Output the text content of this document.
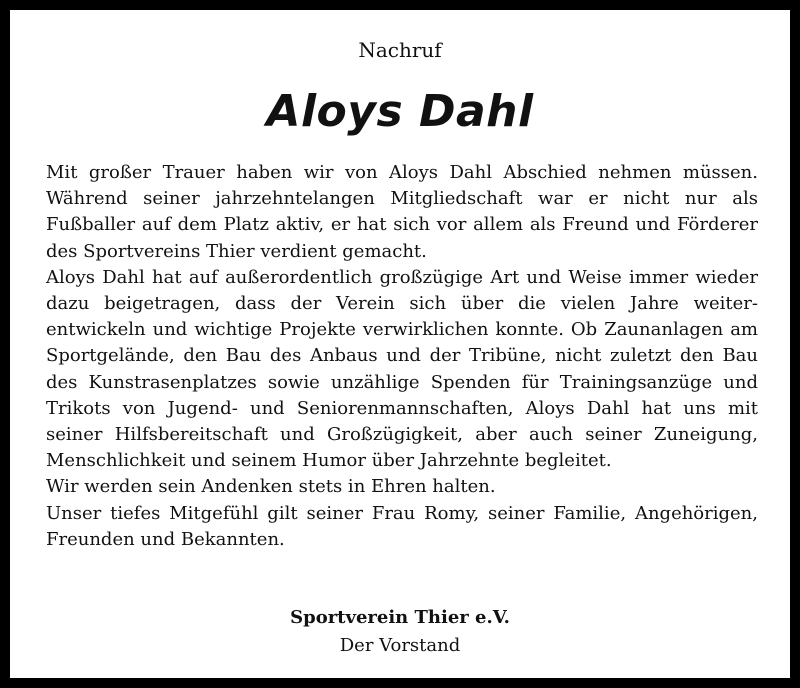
Nachruf
Aloys Dahl

Mit großer Trauer haben wir von Aloys Dahl Abschied nehmen müssen. Während seiner jahrzehntelangen Mitgliedschaft war er nicht nur als Fußballer auf dem Platz aktiv, er hat sich vor allem als Freund und Förderer des Sportvereins Thier verdient gemacht.

Aloys Dahl hat auf außerordentlich großzügige Art und Weise immer wieder dazu beigetragen, dass der Verein sich über die vielen Jahre weiterentwickeln und wichtige Projekte verwirklichen konnte. Ob Zaunanlagen am Sportgelände, den Bau des Anbaus und der Tribüne, nicht zuletzt den Bau des Kunstrasenplatzes sowie unzählige Spenden für Trainingsanzüge und Trikots von Jugend- und Seniorenmannschaften, Aloys Dahl hat uns mit seiner Hilfsbereitschaft und Großzügigkeit, aber auch seiner Zuneigung, Menschlichkeit und seinem Humor über Jahrzehnte begleitet.

Wir werden sein Andenken stets in Ehren halten.

Unser tiefes Mitgefühl gilt seiner Frau Romy, seiner Familie, Angehörigen, Freunden und Bekannten.

Sportverein Thier e.V.
Der Vorstand
